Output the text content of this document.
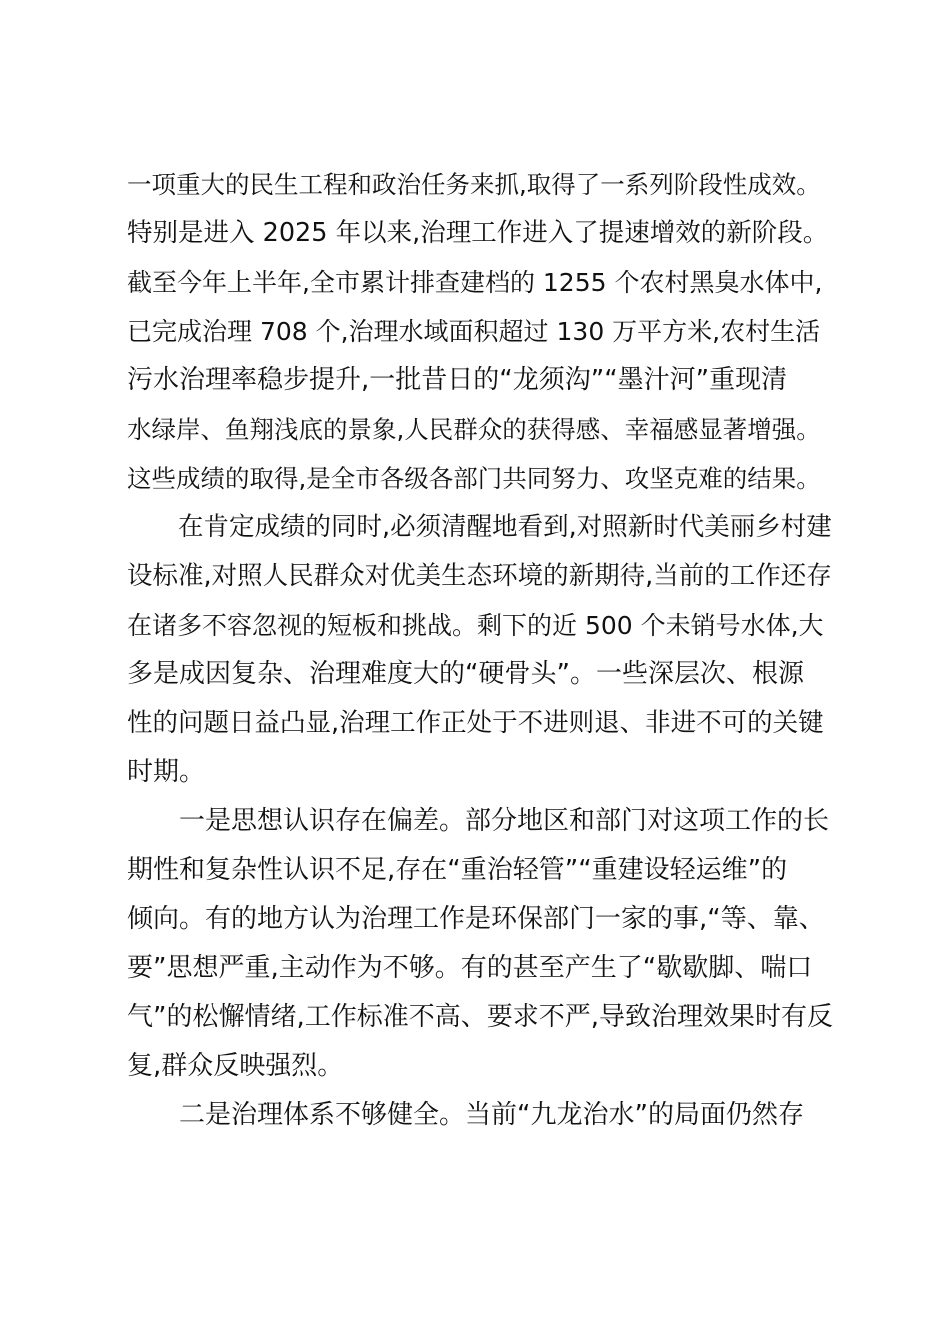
一项重大的民生工程和政治任务来抓,取得了一系列阶段性成效。
特别是进入 2025 年以来,治理工作进入了提速增效的新阶段。
截至今年上半年,全市累计排查建档的 1255 个农村黑臭水体中,
已完成治理 708 个,治理水域面积超过 130 万平方米,农村生活
污水治理率稳步提升,一批昔日的“龙须沟”“墨汁河”重现清
水绿岸、鱼翔浅底的景象,人民群众的获得感、幸福感显著增强。
这些成绩的取得,是全市各级各部门共同努力、攻坚克难的结果。
　　在肯定成绩的同时,必须清醒地看到,对照新时代美丽乡村建
设标准,对照人民群众对优美生态环境的新期待,当前的工作还存
在诸多不容忽视的短板和挑战。剩下的近 500 个未销号水体,大
多是成因复杂、治理难度大的“硬骨头”。一些深层次、根源
性的问题日益凸显,治理工作正处于不进则退、非进不可的关键
时期。
　　一是思想认识存在偏差。部分地区和部门对这项工作的长
期性和复杂性认识不足,存在“重治轻管”“重建设轻运维”的
倾向。有的地方认为治理工作是环保部门一家的事,“等、靠、
要”思想严重,主动作为不够。有的甚至产生了“歇歇脚、喘口
气”的松懈情绪,工作标准不高、要求不严,导致治理效果时有反
复,群众反映强烈。
　　二是治理体系不够健全。当前“九龙治水”的局面仍然存
